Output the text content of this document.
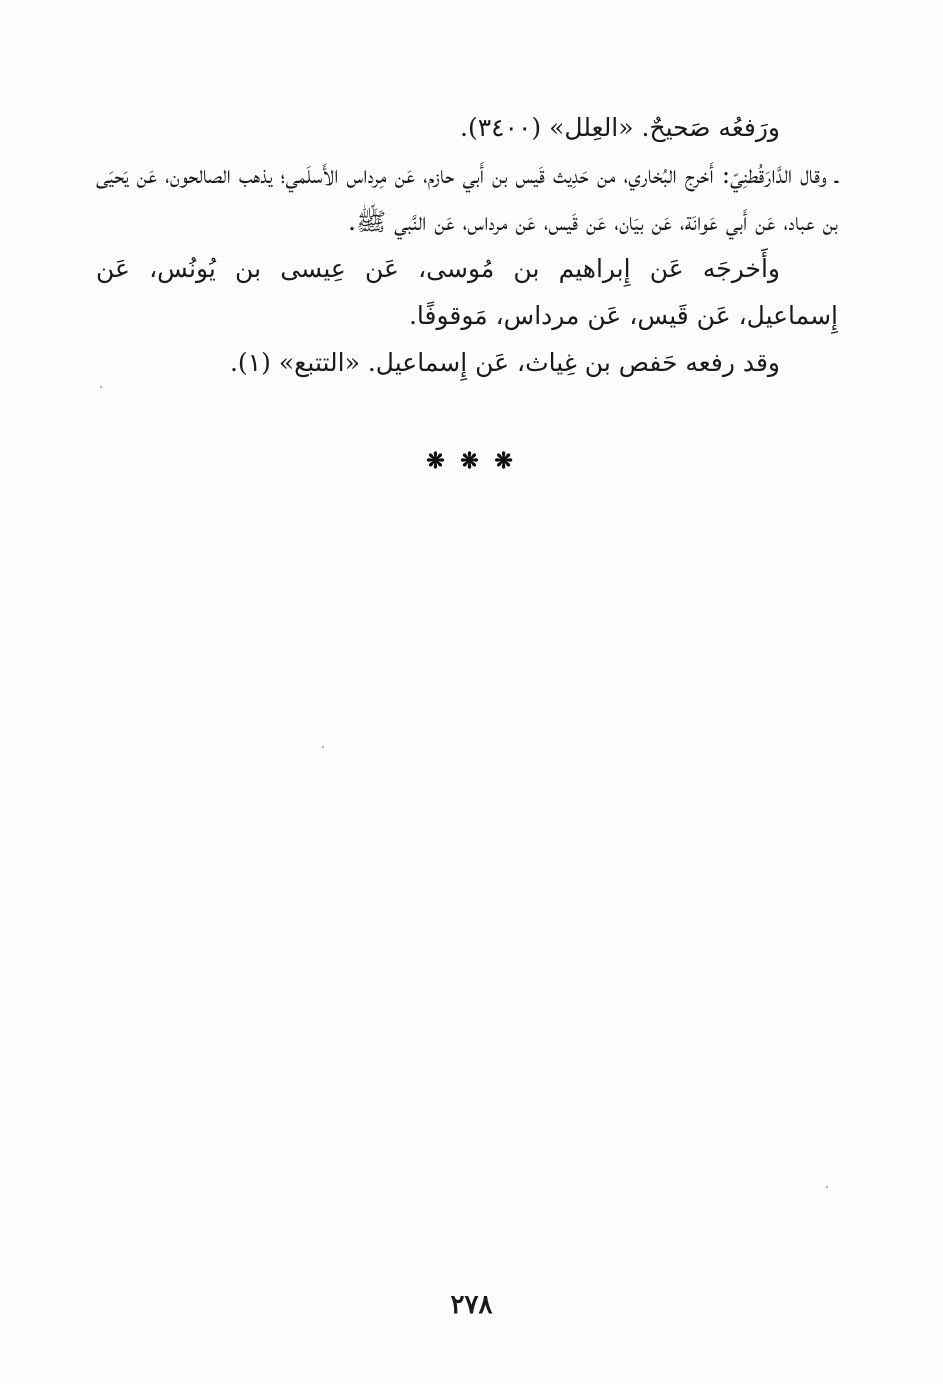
ورَفعُه صَحيحٌ. «العِلل» (٣٤٠٠).

ـ وقال الدَّارَقُطنِيّ: أَخرج البُخاري، من حَدِيث قَيس بن أَبي حازم، عَن مِرداس الأَسلَمي؛ يذهب الصالحون، عَن يَحيَى بن عباد، عَن أَبي عَوانَة، عَن بيَان، عَن قَيس، عَن مرداس، عَن النَّبي ﷺ.

وأَخرجَه عَن إِبراهيم بن مُوسى، عَن عِيسى بن يُونُس، عَن إِسماعيل، عَن قَيس، عَن مرداس، مَوقوفًا.

وقد رفعه حَفص بن غِياث، عَن إِسماعيل. «التتبع» (١).

❋ ❋ ❋
٢٧٨
